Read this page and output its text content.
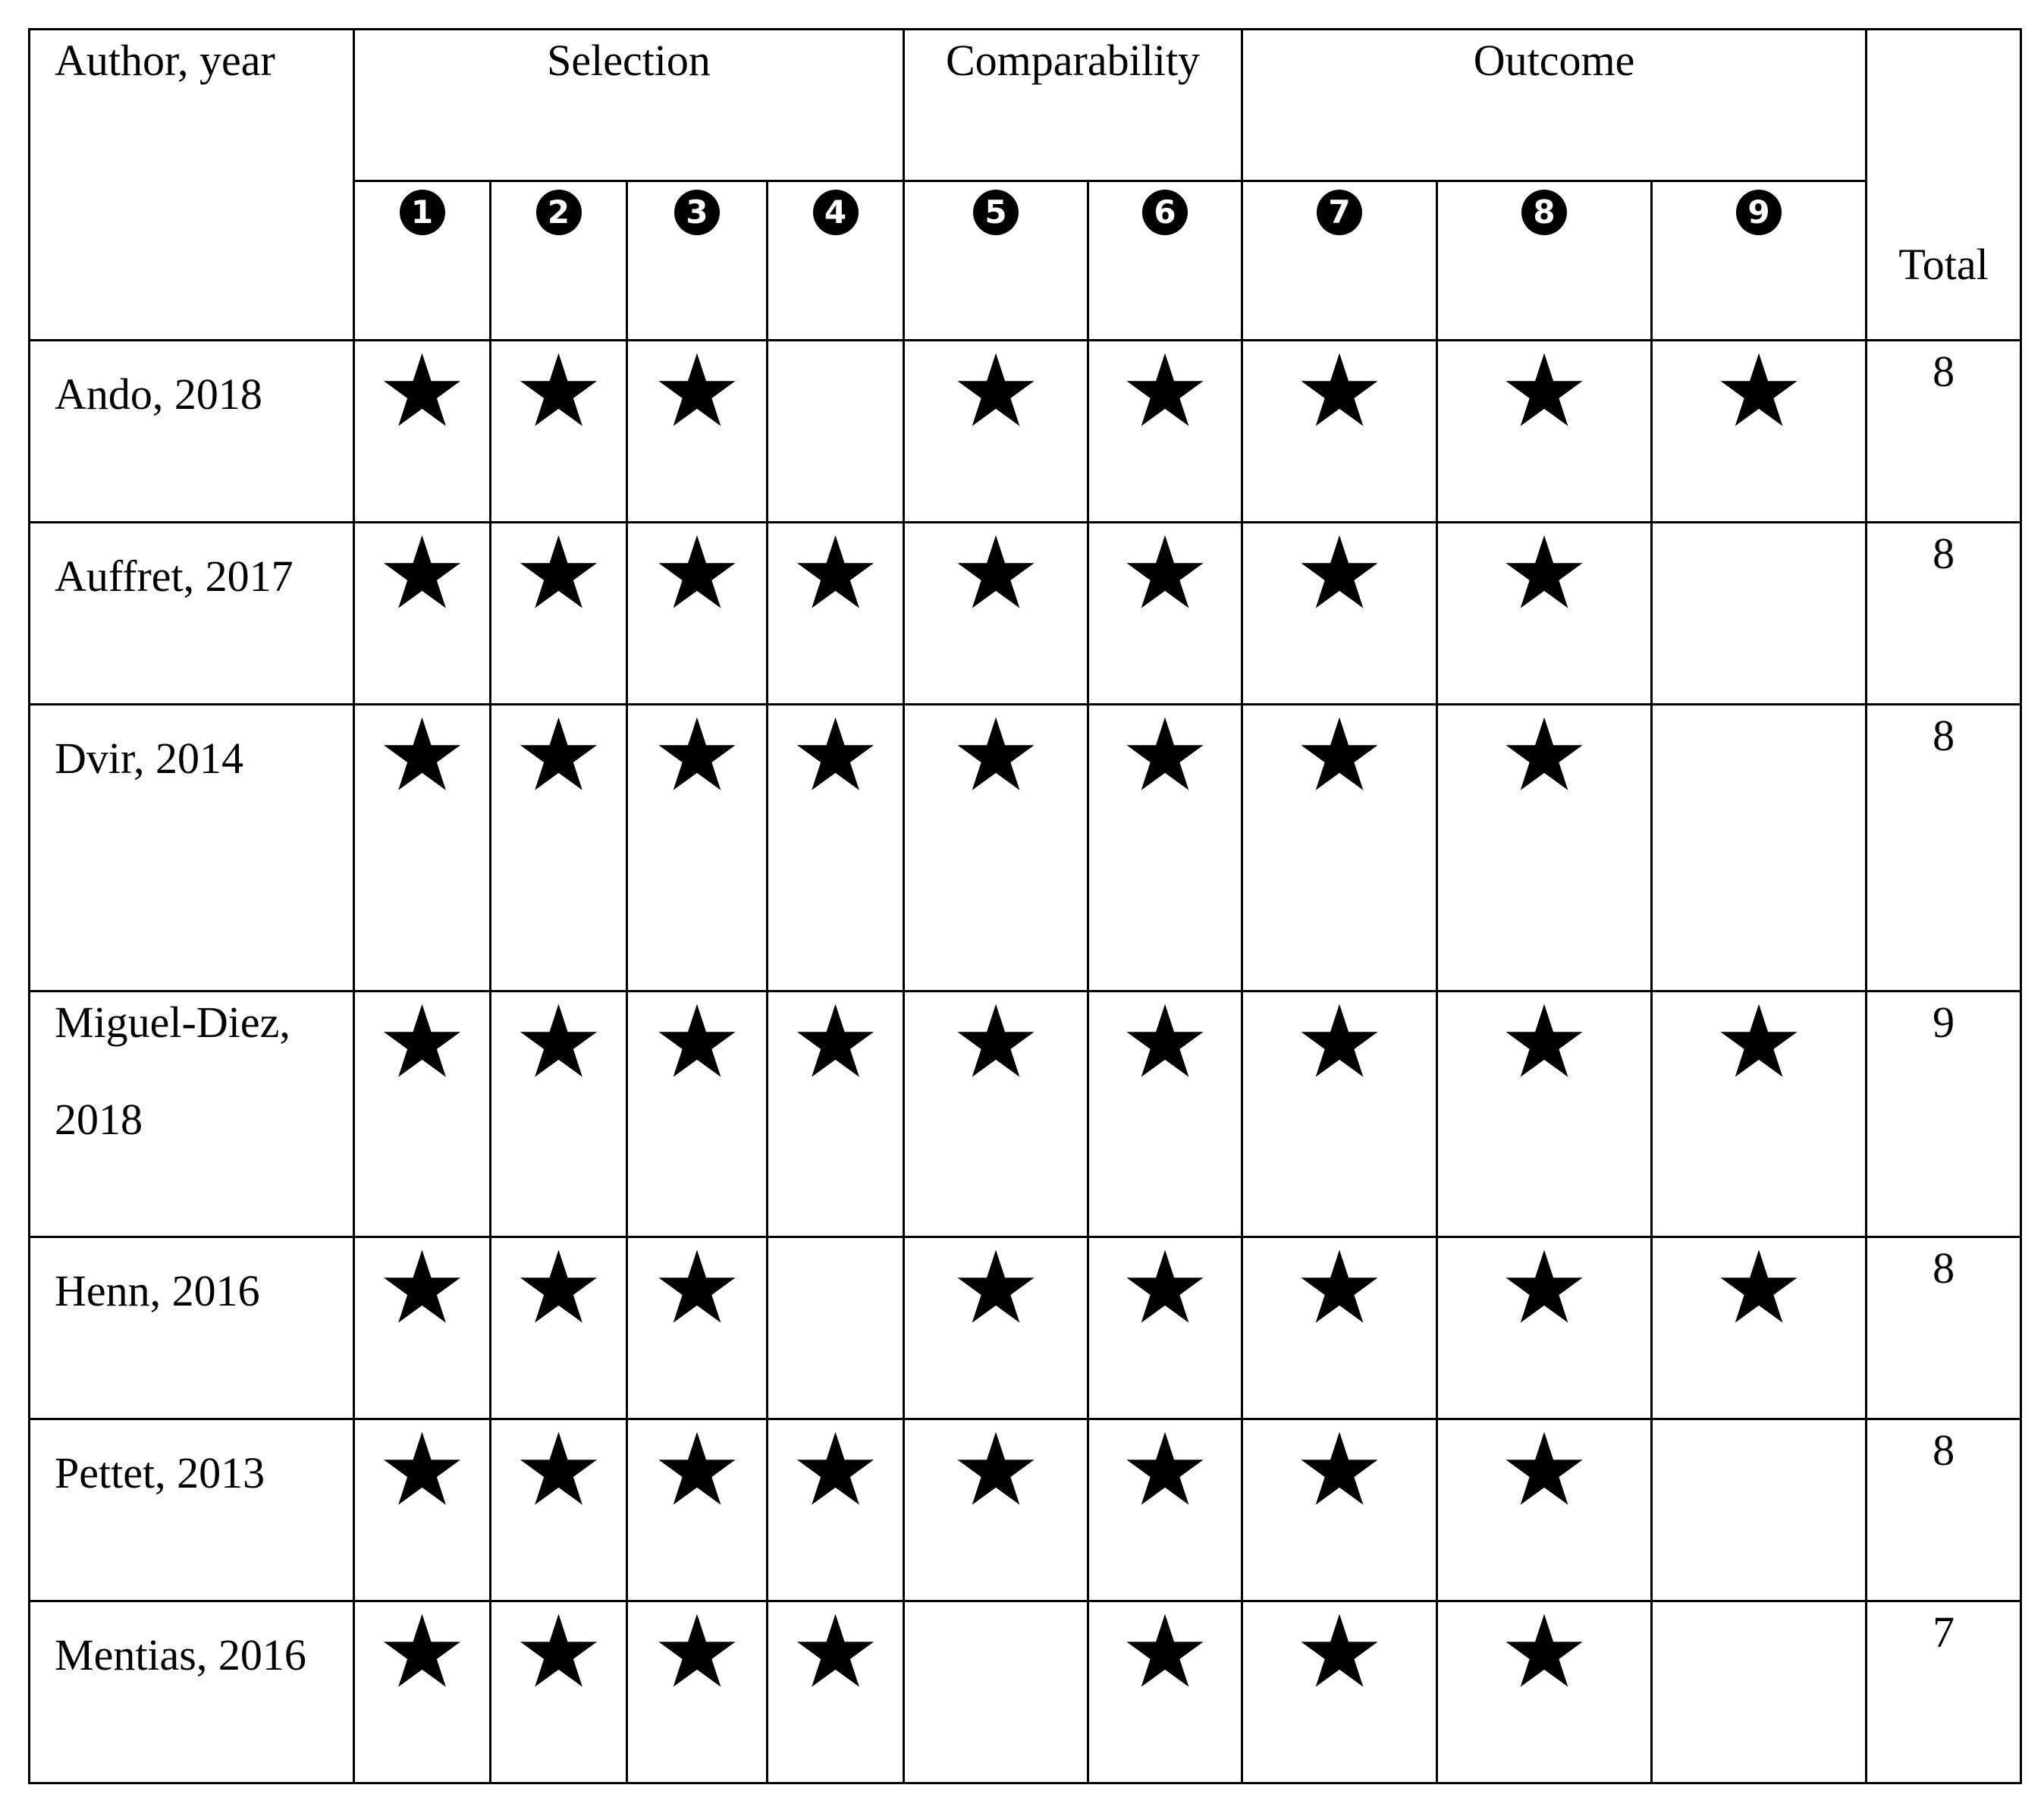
Author, year	Selection				Comparability		Outcome			Total
	1	2	3	4	5	6	7	8	9	
Ando, 2018	★	★	★		★	★	★	★	★	8
Auffret, 2017	★	★	★	★	★	★	★	★		8
Dvir, 2014	★	★	★	★	★	★	★	★		8

Miguel-Diez, 2018	★	★	★	★	★	★	★	★	★	9
Henn, 2016	★	★	★		★	★	★	★	★	8
Pettet, 2013	★	★	★	★	★	★	★	★		8
Mentias, 2016	★	★	★	★		★	★	★		7
